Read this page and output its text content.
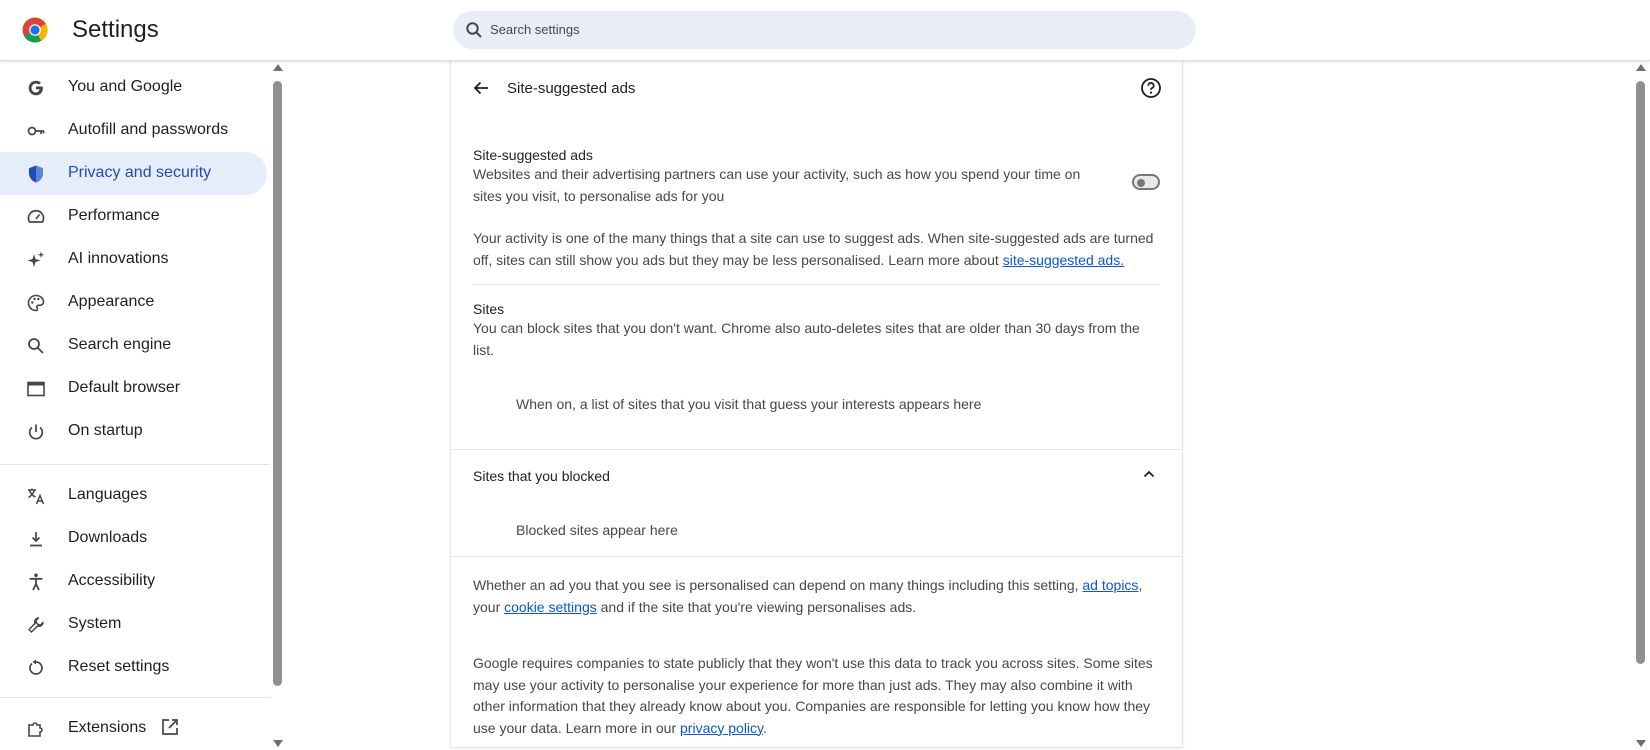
Settings	Search settings
You and Google
Autofill and passwords
Privacy and security
Performance
AI innovations
Appearance
Search engine
Default browser
On startup
Languages
Downloads
Accessibility
System
Reset settings
Extensions
Site-suggested ads
Site-suggested ads
Websites and their advertising partners can use your activity, such as how you spend your time on sites you visit, to personalise ads for you
Your activity is one of the many things that a site can use to suggest ads. When site-suggested ads are turned off, sites can still show you ads but they may be less personalised. Learn more about site-suggested ads.
Sites
You can block sites that you don't want. Chrome also auto-deletes sites that are older than 30 days from the list.
When on, a list of sites that you visit that guess your interests appears here
Sites that you blocked
Blocked sites appear here
Whether an ad you that you see is personalised can depend on many things including this setting, ad topics, your cookie settings and if the site that you're viewing personalises ads.
Google requires companies to state publicly that they won't use this data to track you across sites. Some sites may use your activity to personalise your experience for more than just ads. They may also combine it with other information that they already know about you. Companies are responsible for letting you know how they use your data. Learn more in our privacy policy.
